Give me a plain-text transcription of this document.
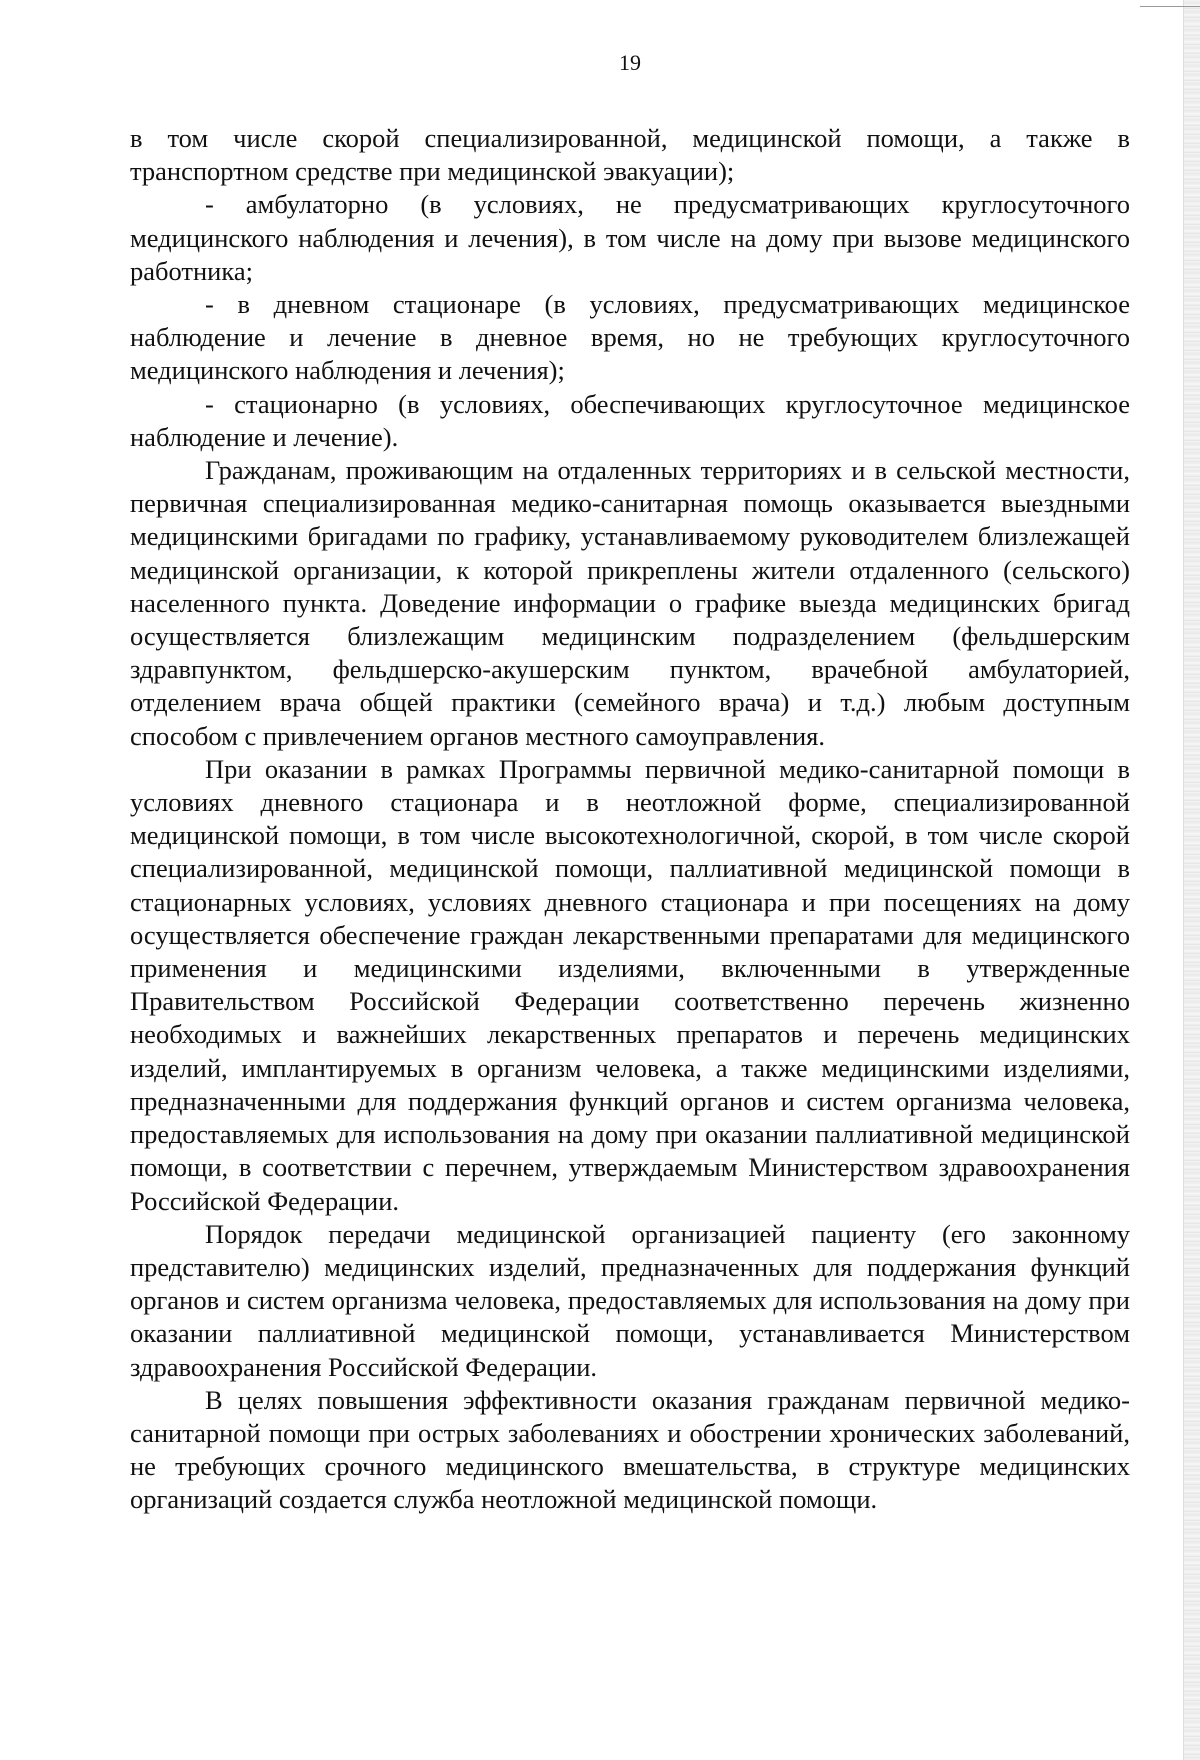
19

в том числе скорой специализированной, медицинской помощи, а также в транспортном средстве при медицинской эвакуации);

- амбулаторно (в условиях, не предусматривающих круглосуточного медицинского наблюдения и лечения), в том числе на дому при вызове медицинского работника;

- в дневном стационаре (в условиях, предусматривающих медицинское наблюдение и лечение в дневное время, но не требующих круглосуточного медицинского наблюдения и лечения);

- стационарно (в условиях, обеспечивающих круглосуточное медицинское наблюдение и лечение).

Гражданам, проживающим на отдаленных территориях и в сельской местности, первичная специализированная медико-санитарная помощь оказывается выездными медицинскими бригадами по графику, устанавливаемому руководителем близлежащей медицинской организации, к которой прикреплены жители отдаленного (сельского) населенного пункта. Доведение информации о графике выезда медицинских бригад осуществляется близлежащим медицинским подразделением (фельдшерским здравпунктом, фельдшерско-акушерским пунктом, врачебной амбулаторией, отделением врача общей практики (семейного врача) и т.д.) любым доступным способом с привлечением органов местного самоуправления.

При оказании в рамках Программы первичной медико-санитарной помощи в условиях дневного стационара и в неотложной форме, специализированной медицинской помощи, в том числе высокотехнологичной, скорой, в том числе скорой специализированной, медицинской помощи, паллиативной медицинской помощи в стационарных условиях, условиях дневного стационара и при посещениях на дому осуществляется обеспечение граждан лекарственными препаратами для медицинского применения и медицинскими изделиями, включенными в утвержденные Правительством Российской Федерации соответственно перечень жизненно необходимых и важнейших лекарственных препаратов и перечень медицинских изделий, имплантируемых в организм человека, а также медицинскими изделиями, предназначенными для поддержания функций органов и систем организма человека, предоставляемых для использования на дому при оказании паллиативной медицинской помощи, в соответствии с перечнем, утверждаемым Министерством здравоохранения Российской Федерации.

Порядок передачи медицинской организацией пациенту (его законному представителю) медицинских изделий, предназначенных для поддержания функций органов и систем организма человека, предоставляемых для использования на дому при оказании паллиативной медицинской помощи, устанавливается Министерством здравоохранения Российской Федерации.

В целях повышения эффективности оказания гражданам первичной медико-санитарной помощи при острых заболеваниях и обострении хронических заболеваний, не требующих срочного медицинского вмешательства, в структуре медицинских организаций создается служба неотложной медицинской помощи.
